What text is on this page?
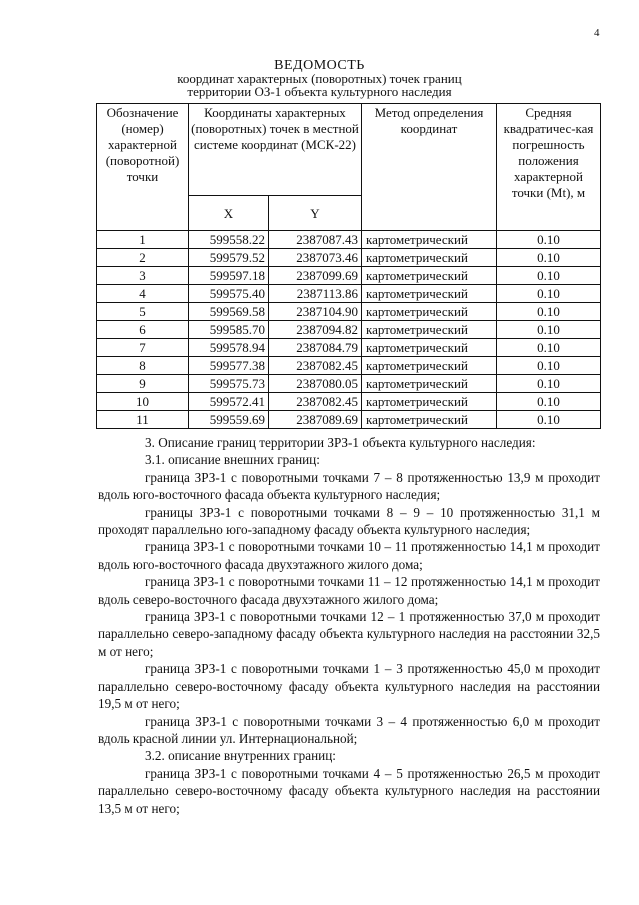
4
ВЕДОМОСТЬ
координат характерных (поворотных) точек границ
территории ОЗ-1 объекта культурного наследия
Обозначение (номер) характерной (поворотной) точки	Координаты характерных (поворотных) точек в местной системе координат (МСК-22)		Метод определения координат	Средняя квадратичес-кая погрешность положения характерной точки (Mt), м
	X	Y		
1	599558.22	2387087.43	картометрический	0.10
2	599579.52	2387073.46	картометрический	0.10
3	599597.18	2387099.69	картометрический	0.10
4	599575.40	2387113.86	картометрический	0.10
5	599569.58	2387104.90	картометрический	0.10
6	599585.70	2387094.82	картометрический	0.10
7	599578.94	2387084.79	картометрический	0.10
8	599577.38	2387082.45	картометрический	0.10
9	599575.73	2387080.05	картометрический	0.10
10	599572.41	2387082.45	картометрический	0.10
11	599559.69	2387089.69	картометрический	0.10

3. Описание границ территории ЗРЗ-1 объекта культурного наследия:

3.1. описание внешних границ:

граница ЗРЗ-1 с поворотными точками 7 – 8 протяженностью 13,9 м проходит вдоль юго-восточного фасада объекта культурного наследия;

границы ЗРЗ-1 с поворотными точками 8 – 9 – 10 протяженностью 31,1 м проходят параллельно юго-западному фасаду объекта культурного наследия;

граница ЗРЗ-1 с поворотными точками 10 – 11 протяженностью 14,1 м проходит вдоль юго-восточного фасада двухэтажного жилого дома;

граница ЗРЗ-1 с поворотными точками 11 – 12 протяженностью 14,1 м проходит вдоль северо-восточного фасада двухэтажного жилого дома;

граница ЗРЗ-1 с поворотными точками 12 – 1 протяженностью 37,0 м проходит параллельно северо-западному фасаду объекта культурного наследия на расстоянии 32,5 м от него;

граница ЗРЗ-1 с поворотными точками 1 – 3 протяженностью 45,0 м проходит параллельно северо-восточному фасаду объекта культурного наследия на расстоянии 19,5 м от него;

граница ЗРЗ-1 с поворотными точками 3 – 4 протяженностью 6,0 м проходит вдоль красной линии ул. Интернациональной;

3.2. описание внутренних границ:

граница ЗРЗ-1 с поворотными точками 4 – 5 протяженностью 26,5 м проходит параллельно северо-восточному фасаду объекта культурного наследия на расстоянии 13,5 м от него;
